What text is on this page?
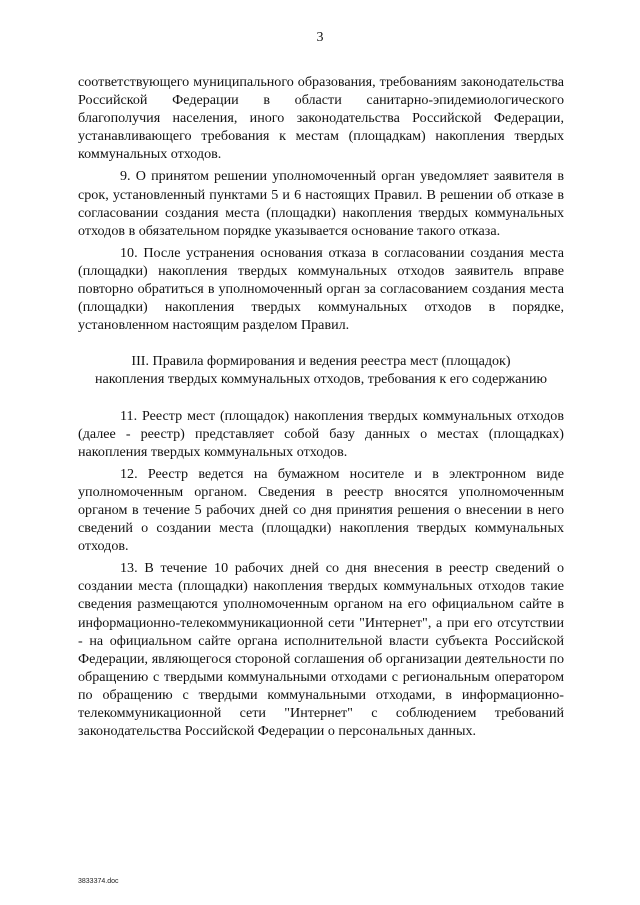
3

соответствующего муниципального образования, требованиям законодательства Российской Федерации в области санитарно-эпидемиологического благополучия населения, иного законодательства Российской Федерации, устанавливающего требования к местам (площадкам) накопления твердых коммунальных отходов.

9. О принятом решении уполномоченный орган уведомляет заявителя в срок, установленный пунктами 5 и 6 настоящих Правил. В решении об отказе в согласовании создания места (площадки) накопления твердых коммунальных отходов в обязательном порядке указывается основание такого отказа.

10. После устранения основания отказа в согласовании создания места (площадки) накопления твердых коммунальных отходов заявитель вправе повторно обратиться в уполномоченный орган за согласованием создания места (площадки) накопления твердых коммунальных отходов в порядке, установленном настоящим разделом Правил.

III. Правила формирования и ведения реестра мест (площадок)
накопления твердых коммунальных отходов, требования к его содержанию

11. Реестр мест (площадок) накопления твердых коммунальных отходов (далее - реестр) представляет собой базу данных о местах (площадках) накопления твердых коммунальных отходов.

12. Реестр ведется на бумажном носителе и в электронном виде уполномоченным органом. Сведения в реестр вносятся уполномоченным органом в течение 5 рабочих дней со дня принятия решения о внесении в него сведений о создании места (площадки) накопления твердых коммунальных отходов.

13. В течение 10 рабочих дней со дня внесения в реестр сведений о создании места (площадки) накопления твердых коммунальных отходов такие сведения размещаются уполномоченным органом на его официальном сайте в информационно-телекоммуникационной сети "Интернет", а при его отсутствии - на официальном сайте органа исполнительной власти субъекта Российской Федерации, являющегося стороной соглашения об организации деятельности по обращению с твердыми коммунальными отходами с региональным оператором по обращению с твердыми коммунальными отходами, в информационно-телекоммуникационной сети "Интернет" с соблюдением требований законодательства Российской Федерации о персональных данных.

3833374.doc
